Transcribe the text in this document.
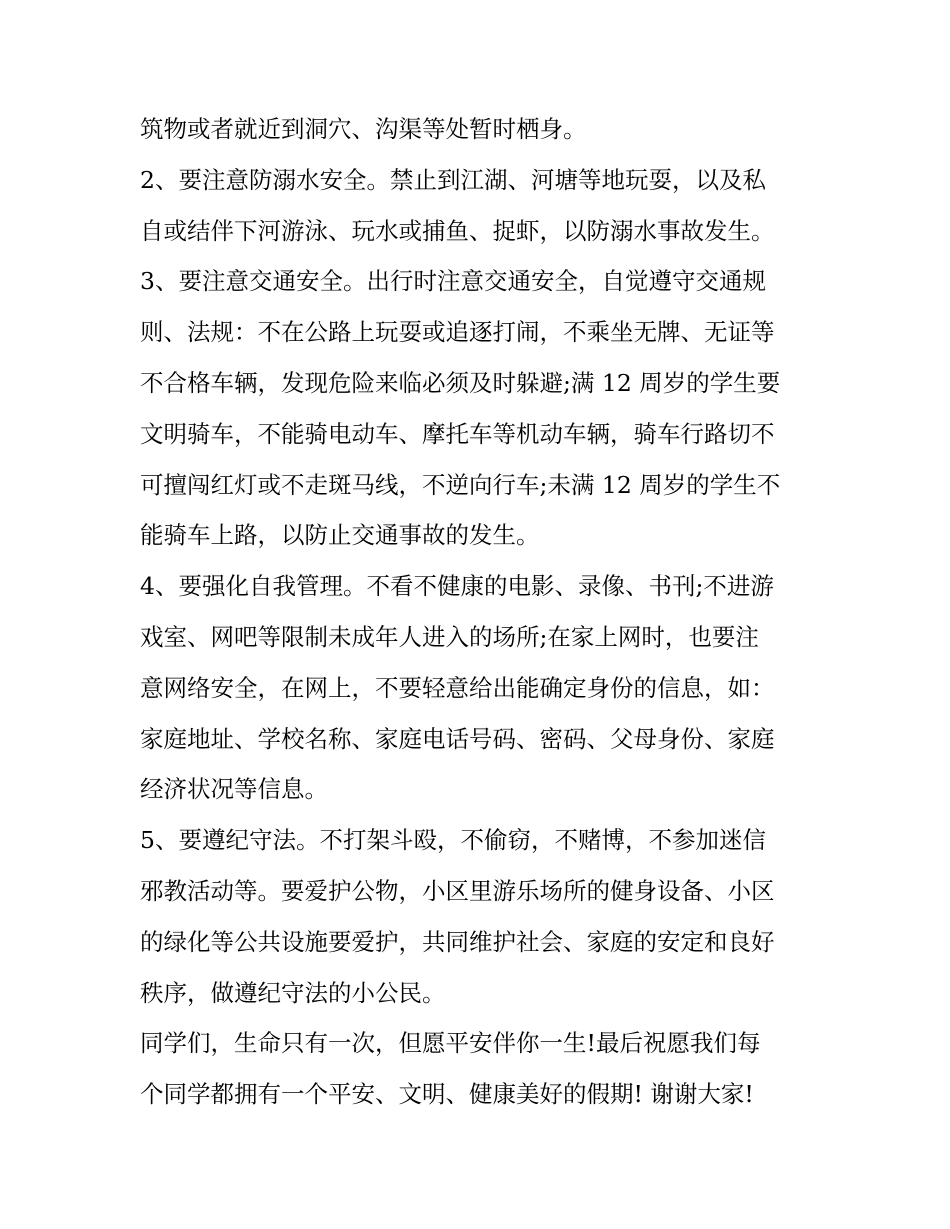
筑物或者就近到洞穴、沟渠等处暂时栖身。
2、要注意防溺水安全。禁止到江湖、河塘等地玩耍，以及私
自或结伴下河游泳、玩水或捕鱼、捉虾，以防溺水事故发生。
3、要注意交通安全。出行时注意交通安全，自觉遵守交通规
则、法规：不在公路上玩耍或追逐打闹，不乘坐无牌、无证等
不合格车辆，发现危险来临必须及时躲避;满 12 周岁的学生要
文明骑车，不能骑电动车、摩托车等机动车辆，骑车行路切不
可擅闯红灯或不走斑马线，不逆向行车;未满 12 周岁的学生不
能骑车上路，以防止交通事故的发生。
4、要强化自我管理。不看不健康的电影、录像、书刊;不进游
戏室、网吧等限制未成年人进入的场所;在家上网时，也要注
意网络安全，在网上，不要轻意给出能确定身份的信息，如：
家庭地址、学校名称、家庭电话号码、密码、父母身份、家庭
经济状况等信息。
5、要遵纪守法。不打架斗殴，不偷窃，不赌博，不参加迷信
邪教活动等。要爱护公物，小区里游乐场所的健身设备、小区
的绿化等公共设施要爱护，共同维护社会、家庭的安定和良好
秩序，做遵纪守法的小公民。
同学们，生命只有一次，但愿平安伴你一生!最后祝愿我们每
个同学都拥有一个平安、文明、健康美好的假期! 谢谢大家!
